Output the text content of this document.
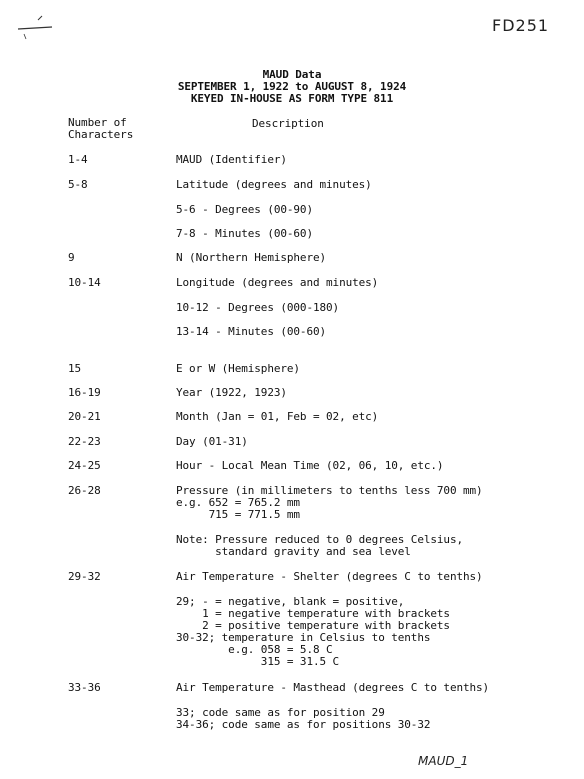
FD251
MAUD Data
SEPTEMBER 1, 1922 to AUGUST 8, 1924
KEYED IN-HOUSE AS FORM TYPE 811
Number of
Characters
Description
1-4	MAUD (Identifier)
5-8	Latitude (degrees and minutes)
5-6 - Degrees (00-90)
7-8 - Minutes (00-60)
9	N (Northern Hemisphere)
10-14	Longitude (degrees and minutes)
10-12 - Degrees (000-180)
13-14 - Minutes (00-60)
15	E or W (Hemisphere)
16-19	Year (1922, 1923)
20-21	Month (Jan = 01, Feb = 02, etc)
22-23	Day (01-31)
24-25	Hour - Local Mean Time (02, 06, 10, etc.)
26-28	Pressure (in millimeters to tenths less 700 mm)
e.g. 652 = 765.2 mm
715 = 771.5 mm
Note: Pressure reduced to 0 degrees Celsius,
standard gravity and sea level
29-32	Air Temperature - Shelter (degrees C to tenths)
29; - = negative, blank = positive,
1 = negative temperature with brackets
2 = positive temperature with brackets
30-32; temperature in Celsius to tenths
e.g. 058 = 5.8 C
315 = 31.5 C
33-36	Air Temperature - Masthead (degrees C to tenths)
33; code same as for position 29
34-36; code same as for positions 30-32
MAUD_1
